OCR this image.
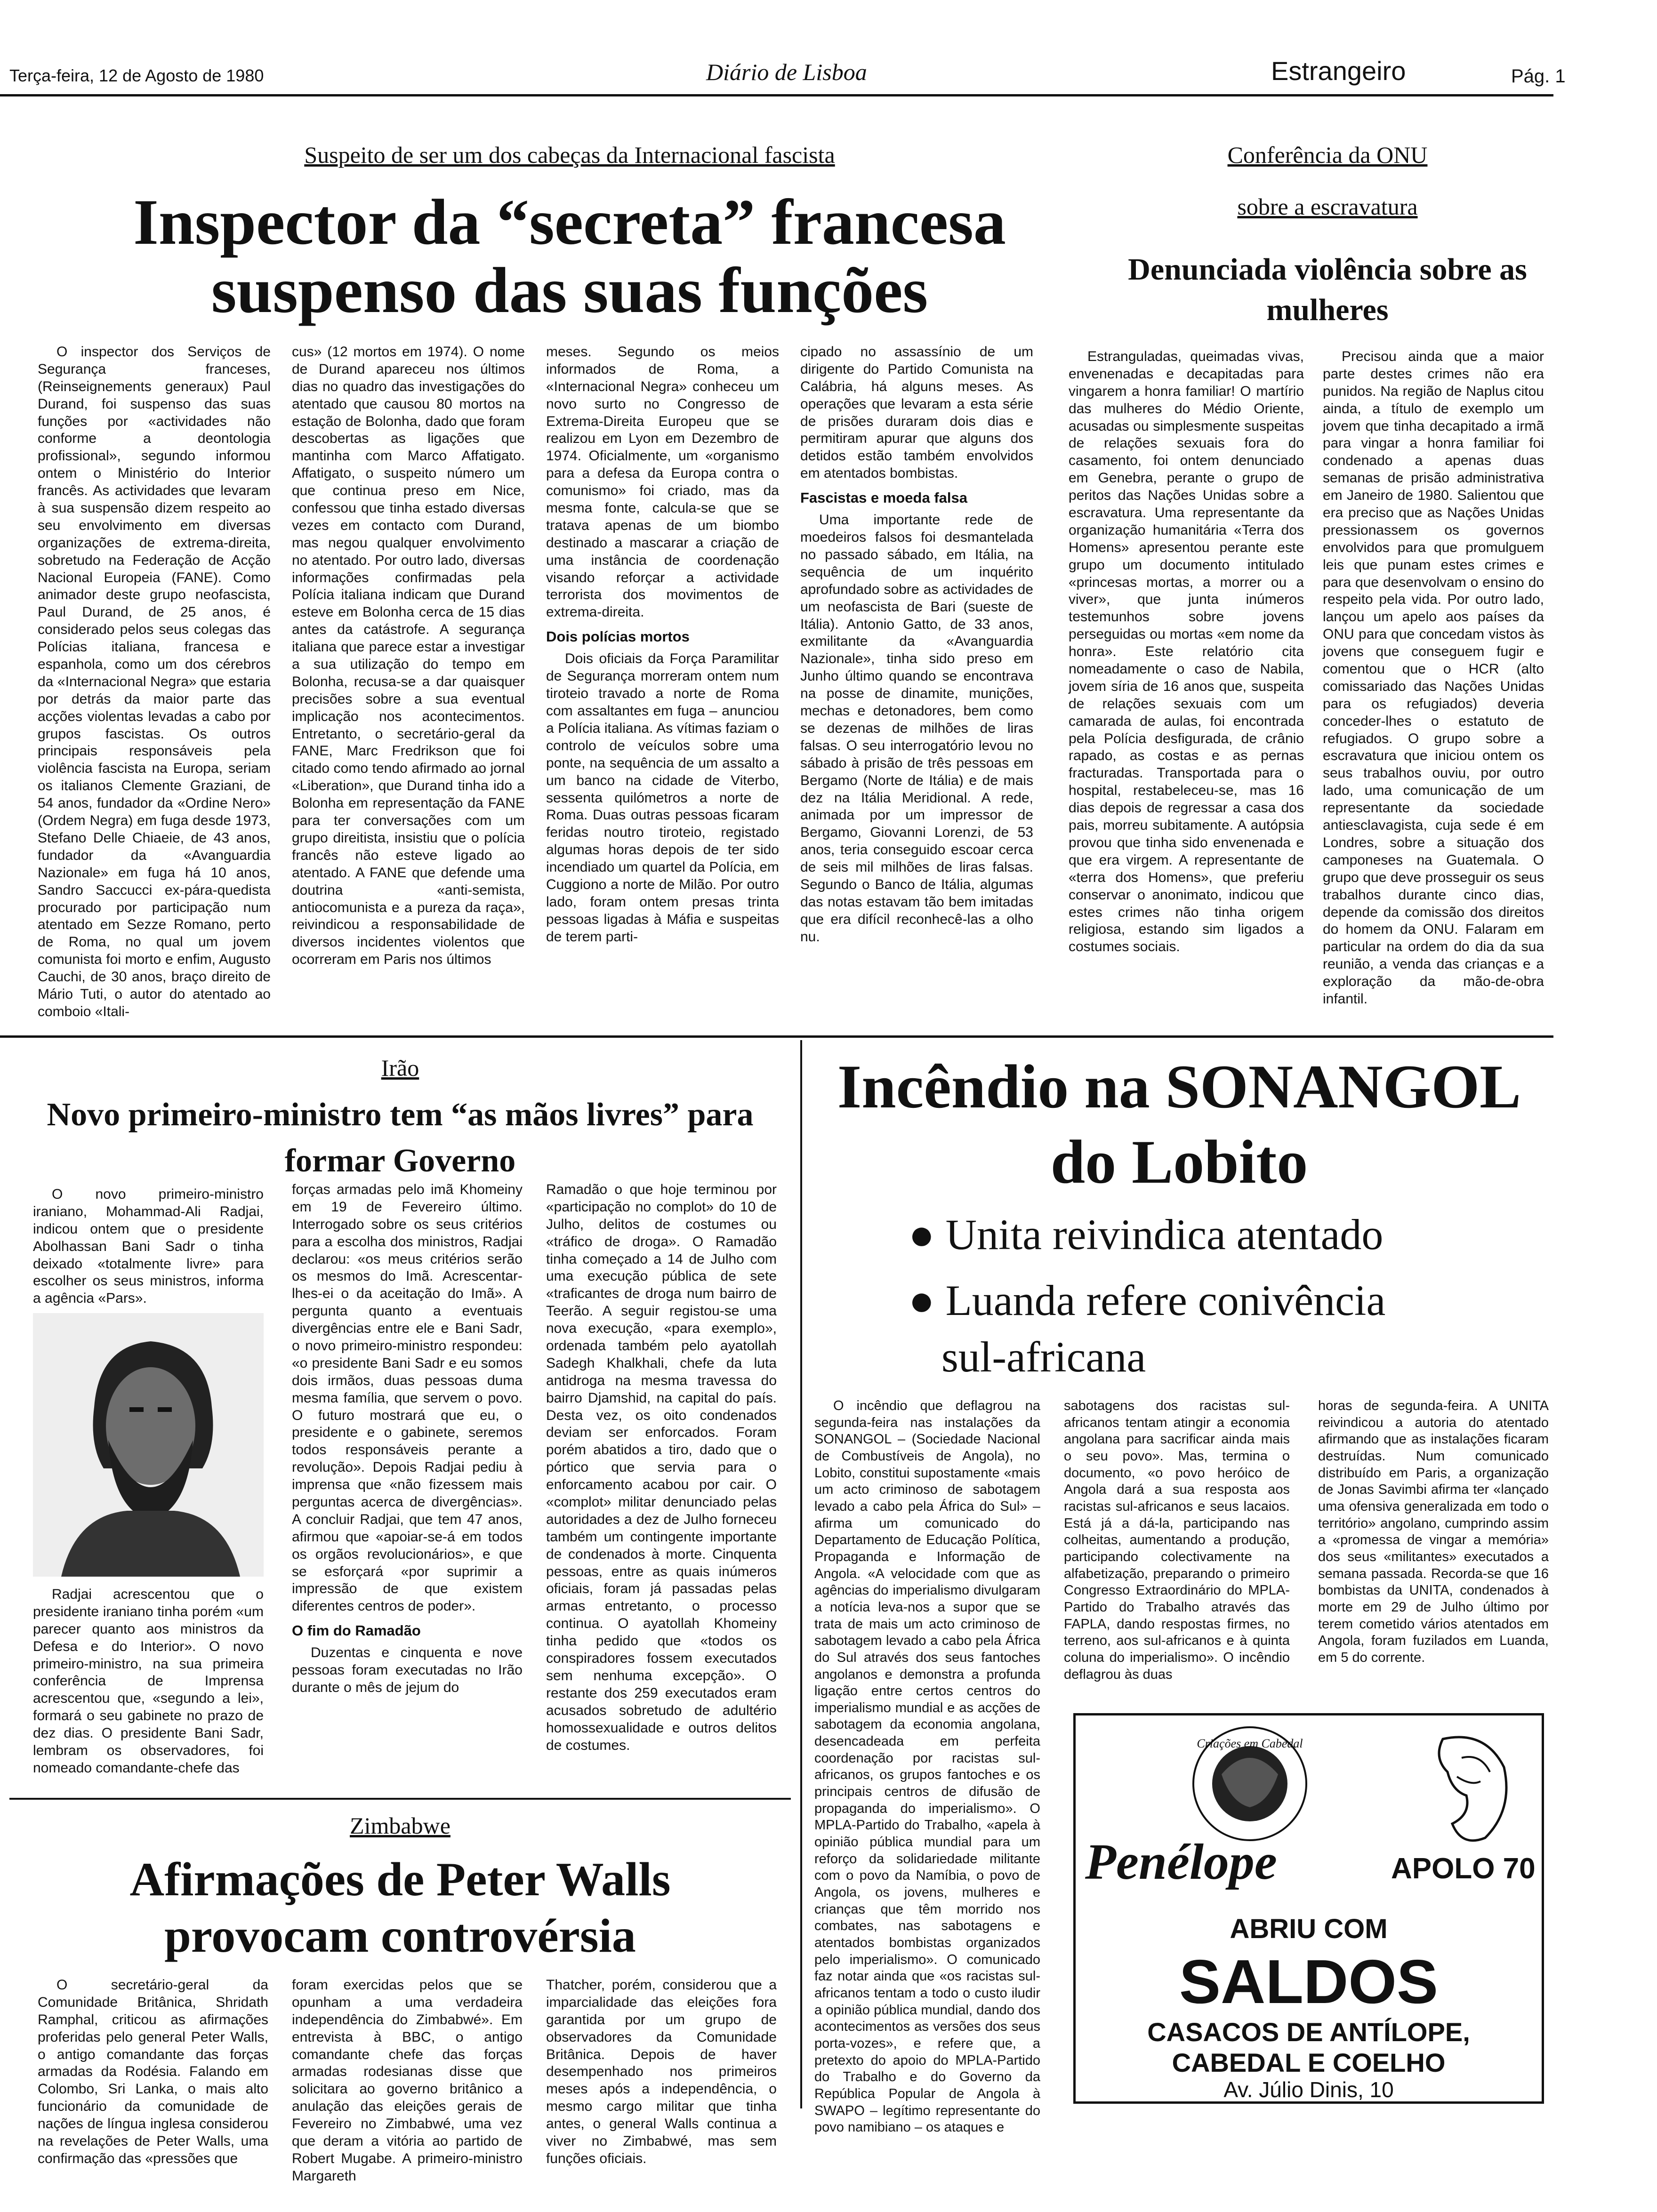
Terça-feira, 12 de Agosto de 1980	Diário de Lisboa	Estrangeiro	Pág. 1
Suspeito de ser um dos cabeças da Internacional fascista
Inspector da “secreta” francesa suspenso das suas funções

O inspector dos Serviços de Segurança franceses, (Reinseignements generaux) Paul Durand, foi suspenso das suas funções por «actividades não conforme a deontologia profissional», segundo informou ontem o Ministério do Interior francês. As actividades que levaram à sua suspensão dizem respeito ao seu envolvimento em diversas organizações de extrema-direita, sobretudo na Federação de Acção Nacional Europeia (FANE). Como animador deste grupo neofascista, Paul Durand, de 25 anos, é considerado pelos seus colegas das Polícias italiana, francesa e espanhola, como um dos cérebros da «Internacional Negra» que estaria por detrás da maior parte das acções violentas levadas a cabo por grupos fascistas. Os outros principais responsáveis pela violência fascista na Europa, seriam os italianos Clemente Graziani, de 54 anos, fundador da «Ordine Nero» (Ordem Negra) em fuga desde 1973, Stefano Delle Chiaeie, de 43 anos, fundador da «Avanguardia Nazionale» em fuga há 10 anos, Sandro Saccucci ex-pára-quedista procurado por participação num atentado em Sezze Romano, perto de Roma, no qual um jovem comunista foi morto e enfim, Augusto Cauchi, de 30 anos, braço direito de Mário Tuti, o autor do atentado ao comboio «Itali-

cus» (12 mortos em 1974). O nome de Durand apareceu nos últimos dias no quadro das investigações do atentado que causou 80 mortos na estação de Bolonha, dado que foram descobertas as ligações que mantinha com Marco Affatigato. Affatigato, o suspeito número um que continua preso em Nice, confessou que tinha estado diversas vezes em contacto com Durand, mas negou qualquer envolvimento no atentado. Por outro lado, diversas informações confirmadas pela Polícia italiana indicam que Durand esteve em Bolonha cerca de 15 dias antes da catástrofe. A segurança italiana que parece estar a investigar a sua utilização do tempo em Bolonha, recusa-se a dar quaisquer precisões sobre a sua eventual implicação nos acontecimentos. Entretanto, o secretário-geral da FANE, Marc Fredrikson que foi citado como tendo afirmado ao jornal «Liberation», que Durand tinha ido a Bolonha em representação da FANE para ter conversações com um grupo direitista, insistiu que o polícia francês não esteve ligado ao atentado. A FANE que defende uma doutrina «anti-semista, antiocomunista e a pureza da raça», reivindicou a responsabilidade de diversos incidentes violentos que ocorreram em Paris nos últimos

meses. Segundo os meios informados de Roma, a «Internacional Negra» conheceu um novo surto no Congresso de Extrema-Direita Europeu que se realizou em Lyon em Dezembro de 1974. Oficialmente, um «organismo para a defesa da Europa contra o comunismo» foi criado, mas da mesma fonte, calcula-se que se tratava apenas de um biombo destinado a mascarar a criação de uma instância de coordenação visando reforçar a actividade terrorista dos movimentos de extrema-direita.

Dois polícias mortos

Dois oficiais da Força Paramilitar de Segurança morreram ontem num tiroteio travado a norte de Roma com assaltantes em fuga – anunciou a Polícia italiana. As vítimas faziam o controlo de veículos sobre uma ponte, na sequência de um assalto a um banco na cidade de Viterbo, sessenta quilómetros a norte de Roma. Duas outras pessoas ficaram feridas noutro tiroteio, registado algumas horas depois de ter sido incendiado um quartel da Polícia, em Cuggiono a norte de Milão. Por outro lado, foram ontem presas trinta pessoas ligadas à Máfia e suspeitas de terem parti-

cipado no assassínio de um dirigente do Partido Comunista na Calábria, há alguns meses. As operações que levaram a esta série de prisões duraram dois dias e permitiram apurar que alguns dos detidos estão também envolvidos em atentados bombistas.

Fascistas e moeda falsa

Uma importante rede de moedeiros falsos foi desmantelada no passado sábado, em Itália, na sequência de um inquérito aprofundado sobre as actividades de um neofascista de Bari (sueste de Itália). Antonio Gatto, de 33 anos, exmilitante da «Avanguardia Nazionale», tinha sido preso em Junho último quando se encontrava na posse de dinamite, munições, mechas e detonadores, bem como se dezenas de milhões de liras falsas. O seu interrogatório levou no sábado à prisão de três pessoas em Bergamo (Norte de Itália) e de mais dez na Itália Meridional. A rede, animada por um impressor de Bergamo, Giovanni Lorenzi, de 53 anos, teria conseguido escoar cerca de seis mil milhões de liras falsas. Segundo o Banco de Itália, algumas das notas estavam tão bem imitadas que era difícil reconhecê-las a olho nu.

Conferência da ONU
sobre a escravatura
Denunciada violência sobre as mulheres

Estranguladas, queimadas vivas, envenenadas e decapitadas para vingarem a honra familiar! O martírio das mulheres do Médio Oriente, acusadas ou simplesmente suspeitas de relações sexuais fora do casamento, foi ontem denunciado em Genebra, perante o grupo de peritos das Nações Unidas sobre a escravatura. Uma representante da organização humanitária «Terra dos Homens» apresentou perante este grupo um documento intitulado «princesas mortas, a morrer ou a viver», que junta inúmeros testemunhos sobre jovens perseguidas ou mortas «em nome da honra». Este relatório cita nomeadamente o caso de Nabila, jovem síria de 16 anos que, suspeita de relações sexuais com um camarada de aulas, foi encontrada pela Polícia desfigurada, de crânio rapado, as costas e as pernas fracturadas. Transportada para o hospital, restabeleceu-se, mas 16 dias depois de regressar a casa dos pais, morreu subitamente. A autópsia provou que tinha sido envenenada e que era virgem. A representante de «terra dos Homens», que preferiu conservar o anonimato, indicou que estes crimes não tinha origem religiosa, estando sim ligados a costumes sociais.

Precisou ainda que a maior parte destes crimes não era punidos. Na região de Naplus citou ainda, a título de exemplo um jovem que tinha decapitado a irmã para vingar a honra familiar foi condenado a apenas duas semanas de prisão administrativa em Janeiro de 1980. Salientou que era preciso que as Nações Unidas pressionassem os governos envolvidos para que promulguem leis que punam estes crimes e para que desenvolvam o ensino do respeito pela vida. Por outro lado, lançou um apelo aos países da ONU para que concedam vistos às jovens que conseguem fugir e comentou que o HCR (alto comissariado das Nações Unidas para os refugiados) deveria conceder-lhes o estatuto de refugiados. O grupo sobre a escravatura que iniciou ontem os seus trabalhos ouviu, por outro lado, uma comunicação de um representante da sociedade antiesclavagista, cuja sede é em Londres, sobre a situação dos camponeses na Guatemala. O grupo que deve prosseguir os seus trabalhos durante cinco dias, depende da comissão dos direitos do homem da ONU. Falaram em particular na ordem do dia da sua reunião, a venda das crianças e a exploração da mão-de-obra infantil.

Irão
Novo primeiro-ministro tem “as mãos livres” para formar Governo

O novo primeiro-ministro iraniano, Mohammad-Ali Radjai, indicou ontem que o presidente Abolhassan Bani Sadr o tinha deixado «totalmente livre» para escolher os seus ministros, informa a agência «Pars».

Radjai acrescentou que o presidente iraniano tinha porém «um parecer quanto aos ministros da Defesa e do Interior». O novo primeiro-ministro, na sua primeira conferência de Imprensa acrescentou que, «segundo a lei», formará o seu gabinete no prazo de dez dias. O presidente Bani Sadr, lembram os observadores, foi nomeado comandante-chefe das

forças armadas pelo imã Khomeiny em 19 de Fevereiro último. Interrogado sobre os seus critérios para a escolha dos ministros, Radjai declarou: «os meus critérios serão os mesmos do Imã. Acrescentar-lhes-ei o da aceitação do Imã». A pergunta quanto a eventuais divergências entre ele e Bani Sadr, o novo primeiro-ministro respondeu: «o presidente Bani Sadr e eu somos dois irmãos, duas pessoas duma mesma família, que servem o povo. O futuro mostrará que eu, o presidente e o gabinete, seremos todos responsáveis perante a revolução». Depois Radjai pediu à imprensa que «não fizessem mais perguntas acerca de divergências». A concluir Radjai, que tem 47 anos, afirmou que «apoiar-se-á em todos os orgãos revolucionários», e que se esforçará «por suprimir a impressão de que existem diferentes centros de poder».

O fim do Ramadão

Duzentas e cinquenta e nove pessoas foram executadas no Irão durante o mês de jejum do

Ramadão o que hoje terminou por «participação no complot» do 10 de Julho, delitos de costumes ou «tráfico de droga». O Ramadão tinha começado a 14 de Julho com uma execução pública de sete «traficantes de droga num bairro de Teerão. A seguir registou-se uma nova execução, «para exemplo», ordenada também pelo ayatollah Sadegh Khalkhali, chefe da luta antidroga na mesma travessa do bairro Djamshid, na capital do país. Desta vez, os oito condenados deviam ser enforcados. Foram porém abatidos a tiro, dado que o pórtico que servia para o enforcamento acabou por cair. O «complot» militar denunciado pelas autoridades a dez de Julho forneceu também um contingente importante de condenados à morte. Cinquenta pessoas, entre as quais inúmeros oficiais, foram já passadas pelas armas entretanto, o processo continua. O ayatollah Khomeiny tinha pedido que «todos os conspiradores fossem executados sem nenhuma excepção». O restante dos 259 executados eram acusados sobretudo de adultério homossexualidade e outros delitos de costumes.

Incêndio na SONANGOL
do Lobito
● Unita reivindica atentado
● Luanda refere conivência
sul-africana

O incêndio que deflagrou na segunda-feira nas instalações da SONANGOL – (Sociedade Nacional de Combustíveis de Angola), no Lobito, constitui supostamente «mais um acto criminoso de sabotagem levado a cabo pela África do Sul» – afirma um comunicado do Departamento de Educação Política, Propaganda e Informação de Angola. «A velocidade com que as agências do imperialismo divulgaram a notícia leva-nos a supor que se trata de mais um acto criminoso de sabotagem levado a cabo pela África do Sul através dos seus fantoches angolanos e demonstra a profunda ligação entre certos centros do imperialismo mundial e as acções de sabotagem da economia angolana, desencadeada em perfeita coordenação por racistas sul-africanos, os grupos fantoches e os principais centros de difusão de propaganda do imperialismo». O MPLA-Partido do Trabalho, «apela à opinião pública mundial para um reforço da solidariedade militante com o povo da Namíbia, o povo de Angola, os jovens, mulheres e crianças que têm morrido nos combates, nas sabotagens e atentados bombistas organizados pelo imperialismo». O comunicado faz notar ainda que «os racistas sul-africanos tentam a todo o custo iludir a opinião pública mundial, dando dos acontecimentos as versões dos seus porta-vozes», e refere que, a pretexto do apoio do MPLA-Partido do Trabalho e do Governo da República Popular de Angola à SWAPO – legítimo representante do povo namibiano – os ataques e

sabotagens dos racistas sul-africanos tentam atingir a economia angolana para sacrificar ainda mais o seu povo». Mas, termina o documento, «o povo heróico de Angola dará a sua resposta aos racistas sul-africanos e seus lacaios. Está já a dá-la, participando nas colheitas, aumentando a produção, participando colectivamente na alfabetização, preparando o primeiro Congresso Extraordinário do MPLA-Partido do Trabalho através das FAPLA, dando respostas firmes, no terreno, aos sul-africanos e à quinta coluna do imperialismo». O incêndio deflagrou às duas

horas de segunda-feira. A UNITA reivindicou a autoria do atentado afirmando que as instalações ficaram destruídas. Num comunicado distribuído em Paris, a organização de Jonas Savimbi afirma ter «lançado uma ofensiva generalizada em todo o território» angolano, cumprindo assim a «promessa de vingar a memória» dos seus «militantes» executados a semana passada. Recorda-se que 16 bombistas da UNITA, condenados à morte em 29 de Julho último por terem cometido vários atentados em Angola, foram fuzilados em Luanda, em 5 do corrente.

Criações em Cabedal
Penélope	APOLO 70
ABRIU COM
SALDOS
CASACOS DE ANTÍLOPE,
CABEDAL E COELHO
Av. Júlio Dinis, 10
Zimbabwe
Afirmações de Peter Walls
provocam controvérsia

O secretário-geral da Comunidade Britânica, Shridath Ramphal, criticou as afirmações proferidas pelo general Peter Walls, o antigo comandante das forças armadas da Rodésia. Falando em Colombo, Sri Lanka, o mais alto funcionário da comunidade de nações de língua inglesa considerou na revelações de Peter Walls, uma confirmação das «pressões que

foram exercidas pelos que se opunham a uma verdadeira independência do Zimbabwé». Em entrevista à BBC, o antigo comandante chefe das forças armadas rodesianas disse que solicitara ao governo britânico a anulação das eleições gerais de Fevereiro no Zimbabwé, uma vez que deram a vitória ao partido de Robert Mugabe. A primeiro-ministro Margareth

Thatcher, porém, considerou que a imparcialidade das eleições fora garantida por um grupo de observadores da Comunidade Britânica. Depois de haver desempenhado nos primeiros meses após a independência, o mesmo cargo militar que tinha antes, o general Walls continua a viver no Zimbabwé, mas sem funções oficiais.
